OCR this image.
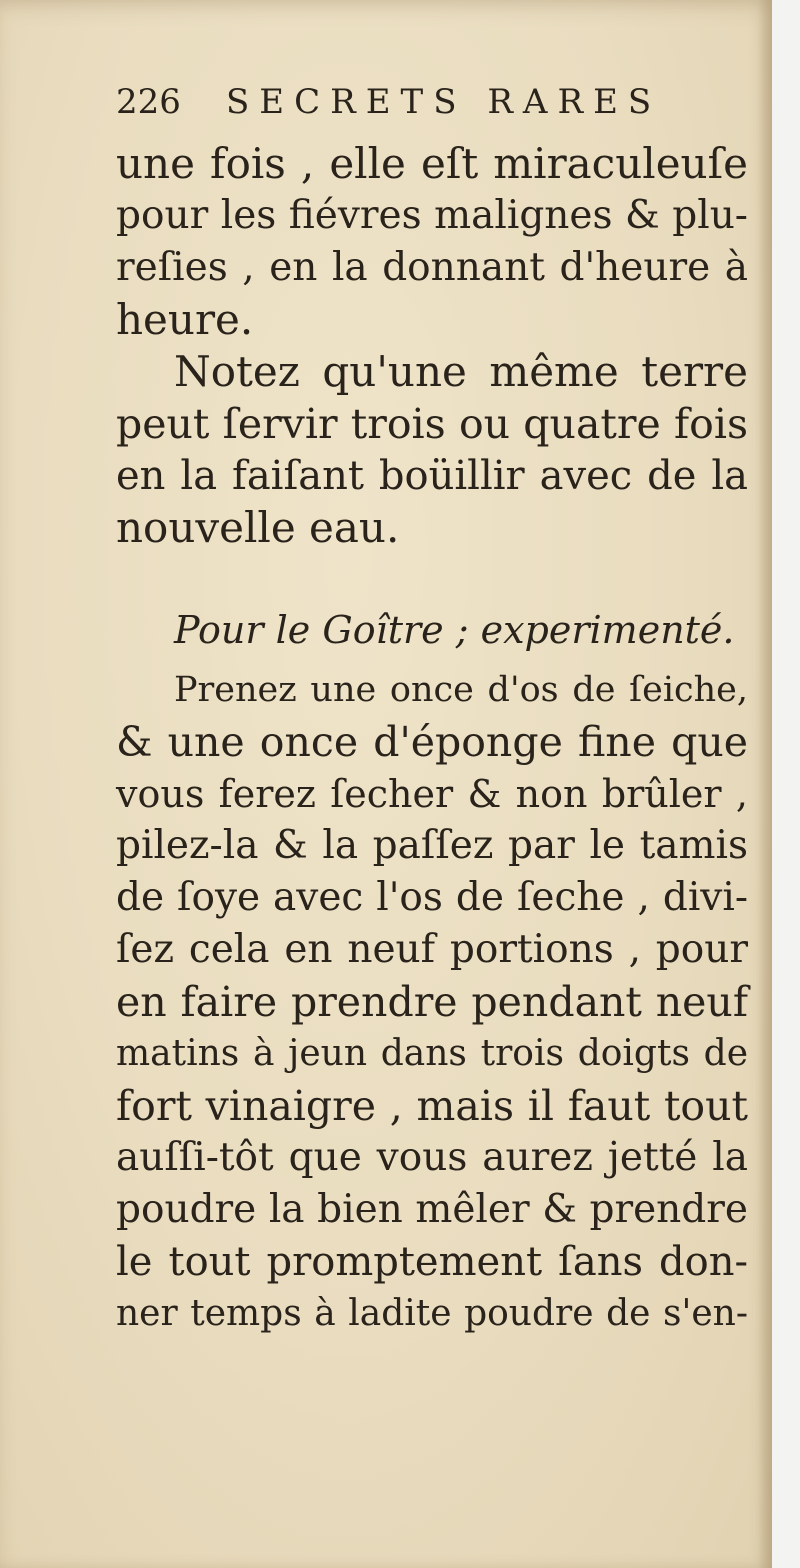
226	SECRETS RARES
une fois , elle eſt miraculeuſe
pour les fiévres malignes & plu-
reſies , en la donnant d'heure à
heure.
Notez qu'une même terre
peut ſervir trois ou quatre fois
en la faiſant boüillir avec de la
nouvelle eau.
Pour le Goître ; experimenté.
Prenez une once d'os de ſeiche,
& une once d'éponge fine que
vous ferez ſecher & non brûler ,
pilez-la & la paſſez par le tamis
de ſoye avec l'os de ſeche , divi-
ſez cela en neuf portions , pour
en faire prendre pendant neuf
matins à jeun dans trois doigts de
fort vinaigre , mais il faut tout
auſſi-tôt que vous aurez jetté la
poudre la bien mêler & prendre
le tout promptement ſans don-
ner temps à ladite poudre de s'en-
